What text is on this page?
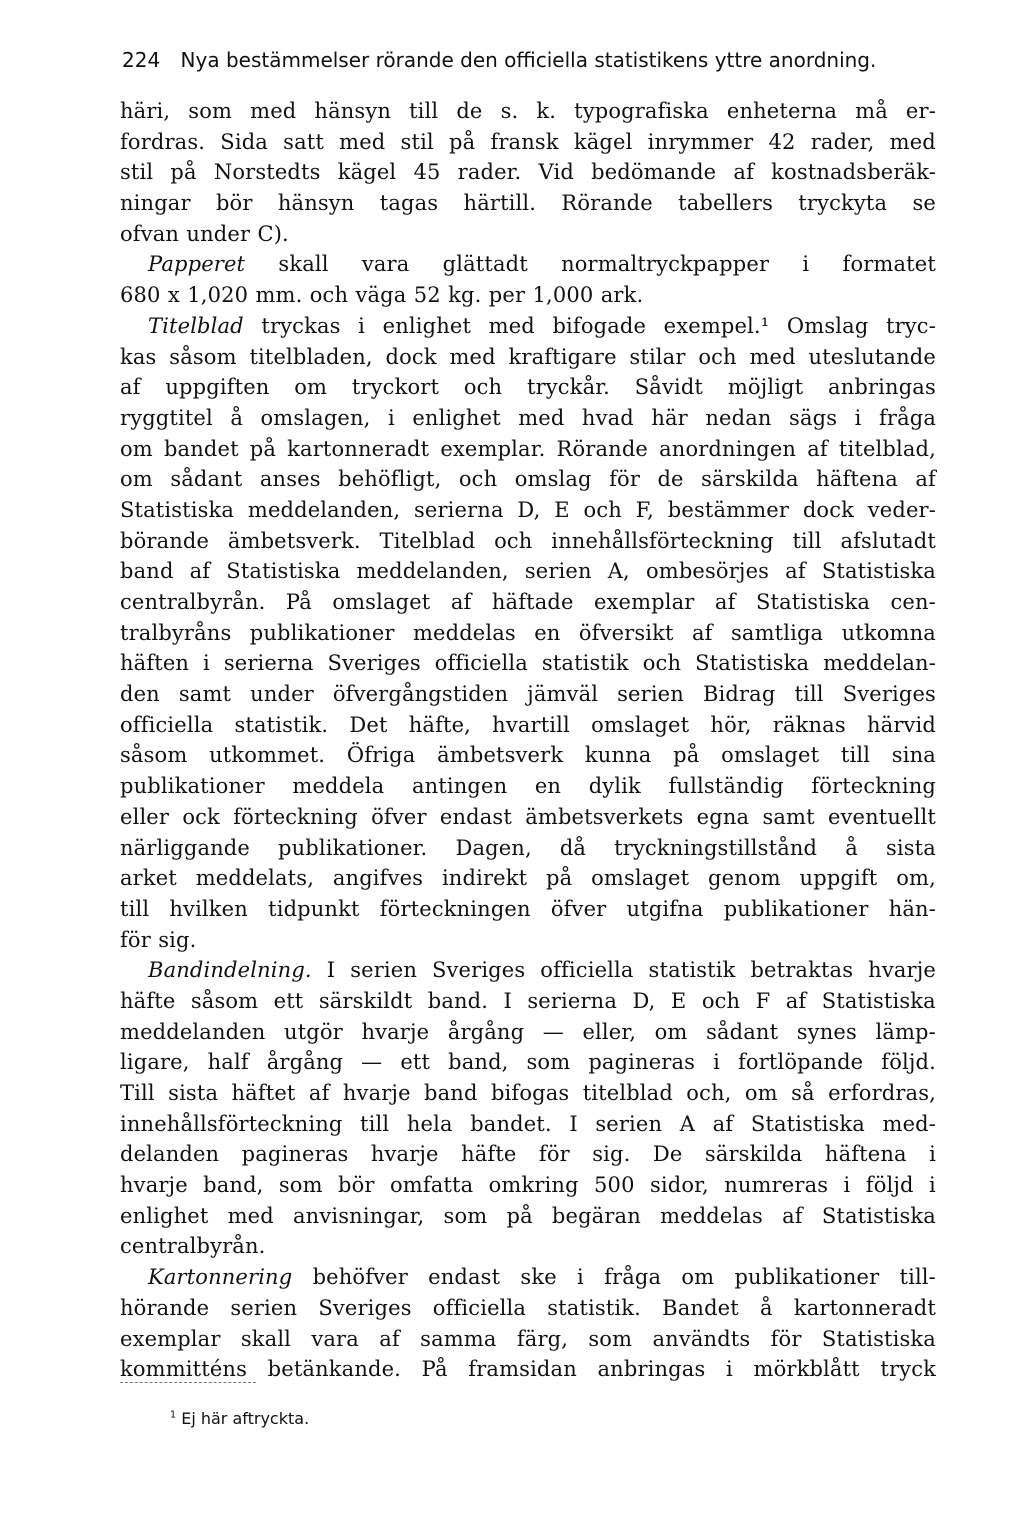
224 Nya bestämmelser rörande den officiella statistikens yttre anordning.
häri, som med hänsyn till de s. k. typografiska enheterna må er-
fordras. Sida satt med stil på fransk kägel inrymmer 42 rader, med
stil på Norstedts kägel 45 rader. Vid bedömande af kostnadsberäk-
ningar bör hänsyn tagas härtill. Rörande tabellers tryckyta se
ofvan under C).
Papperet skall vara glättadt normaltryckpapper i formatet
680 x 1,020 mm. och väga 52 kg. per 1,000 ark.
Titelblad tryckas i enlighet med bifogade exempel.¹ Omslag tryc-
kas såsom titelbladen, dock med kraftigare stilar och med uteslutande
af uppgiften om tryckort och tryckår. Såvidt möjligt anbringas
ryggtitel å omslagen, i enlighet med hvad här nedan sägs i fråga
om bandet på kartonneradt exemplar. Rörande anordningen af titelblad,
om sådant anses behöfligt, och omslag för de särskilda häftena af
Statistiska meddelanden, serierna D, E och F, bestämmer dock veder-
börande ämbetsverk. Titelblad och innehållsförteckning till afslutadt
band af Statistiska meddelanden, serien A, ombesörjes af Statistiska
centralbyrån. På omslaget af häftade exemplar af Statistiska cen-
tralbyråns publikationer meddelas en öfversikt af samtliga utkomna
häften i serierna Sveriges officiella statistik och Statistiska meddelan-
den samt under öfvergångstiden jämväl serien Bidrag till Sveriges
officiella statistik. Det häfte, hvartill omslaget hör, räknas härvid
såsom utkommet. Öfriga ämbetsverk kunna på omslaget till sina
publikationer meddela antingen en dylik fullständig förteckning
eller ock förteckning öfver endast ämbetsverkets egna samt eventuellt
närliggande publikationer. Dagen, då tryckningstillstånd å sista
arket meddelats, angifves indirekt på omslaget genom uppgift om,
till hvilken tidpunkt förteckningen öfver utgifna publikationer hän-
för sig.
Bandindelning. I serien Sveriges officiella statistik betraktas hvarje
häfte såsom ett särskildt band. I serierna D, E och F af Statistiska
meddelanden utgör hvarje årgång — eller, om sådant synes lämp-
ligare, half årgång — ett band, som pagineras i fortlöpande följd.
Till sista häftet af hvarje band bifogas titelblad och, om så erfordras,
innehållsförteckning till hela bandet. I serien A af Statistiska med-
delanden pagineras hvarje häfte för sig. De särskilda häftena i
hvarje band, som bör omfatta omkring 500 sidor, numreras i följd i
enlighet med anvisningar, som på begäran meddelas af Statistiska
centralbyrån.
Kartonnering behöfver endast ske i fråga om publikationer till-
hörande serien Sveriges officiella statistik. Bandet å kartonneradt
exemplar skall vara af samma färg, som användts för Statistiska
kommitténs betänkande. På framsidan anbringas i mörkblått tryck
$^1$ Ej här aftryckta.
